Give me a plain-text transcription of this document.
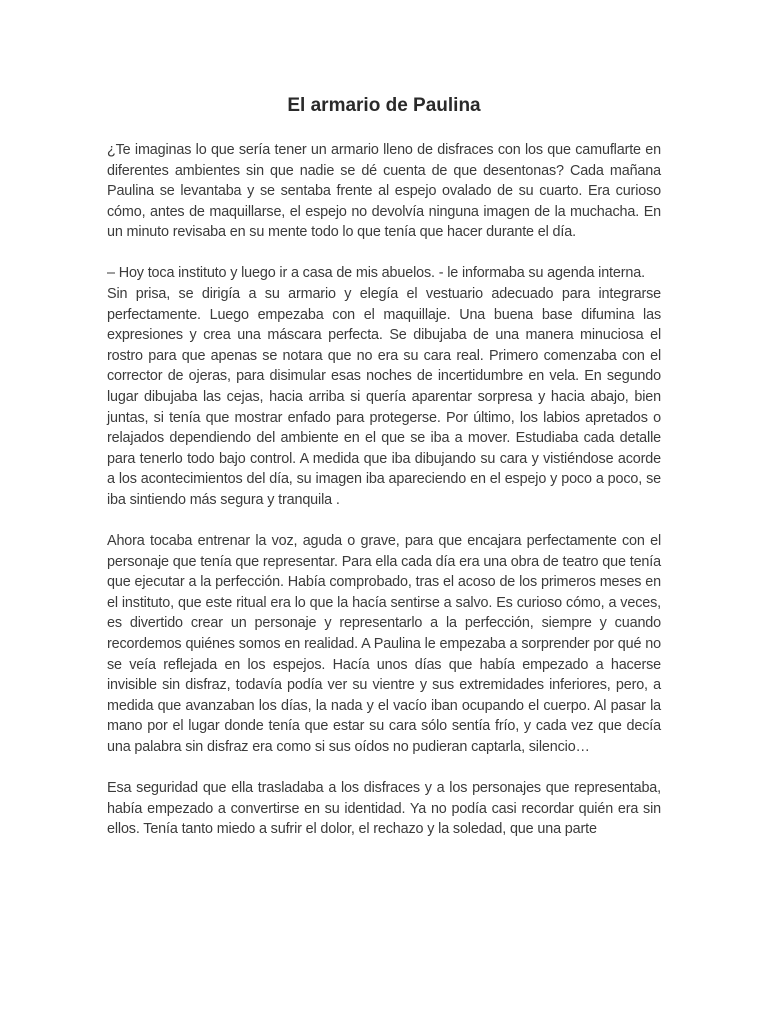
El armario de Paulina

¿Te imaginas lo que sería tener un armario lleno de disfraces con los que camuflarte en diferentes ambientes sin que nadie se dé cuenta de que desentonas? Cada mañana Paulina se levantaba y se sentaba frente al espejo ovalado de su cuarto. Era curioso cómo, antes de maquillarse, el espejo no devolvía ninguna imagen de la muchacha. En un minuto revisaba en su mente todo lo que tenía que hacer durante el día.

– Hoy toca instituto y luego ir a casa de mis abuelos. - le informaba su agenda interna.

Sin prisa, se dirigía a su armario y elegía el vestuario adecuado para integrarse perfectamente. Luego empezaba con el maquillaje. Una buena base difumina las expresiones y crea una máscara perfecta. Se dibujaba de una manera minuciosa el rostro para que apenas se notara que no era su cara real. Primero comenzaba con el corrector de ojeras, para disimular esas noches de incertidumbre en vela. En segundo lugar dibujaba las cejas, hacia arriba si quería aparentar sorpresa y hacia abajo, bien juntas, si tenía que mostrar enfado para protegerse. Por último, los labios apretados o relajados dependiendo del ambiente en el que se iba a mover. Estudiaba cada detalle para tenerlo todo bajo control. A medida que iba dibujando su cara y vistiéndose acorde a los acontecimientos del día, su imagen iba apareciendo en el espejo y poco a poco, se iba sintiendo más segura y tranquila .

Ahora tocaba entrenar la voz, aguda o grave, para que encajara perfectamente con el personaje que tenía que representar. Para ella cada día era una obra de teatro que tenía que ejecutar a la perfección. Había comprobado, tras el acoso de los primeros meses en el instituto, que este ritual era lo que la hacía sentirse a salvo. Es curioso cómo, a veces, es divertido crear un personaje y representarlo a la perfección, siempre y cuando recordemos quiénes somos en realidad. A Paulina le empezaba a sorprender por qué no se veía reflejada en los espejos. Hacía unos días que había empezado a hacerse invisible sin disfraz, todavía podía ver su vientre y sus extremidades inferiores, pero, a medida que avanzaban los días, la nada y el vacío iban ocupando el cuerpo. Al pasar la mano por el lugar donde tenía que estar su cara sólo sentía frío, y cada vez que decía una palabra sin disfraz era como si sus oídos no pudieran captarla, silencio…

Esa seguridad que ella trasladaba a los disfraces y a los personajes que representaba, había empezado a convertirse en su identidad. Ya no podía casi recordar quién era sin ellos. Tenía tanto miedo a sufrir el dolor, el rechazo y la soledad, que una parte
